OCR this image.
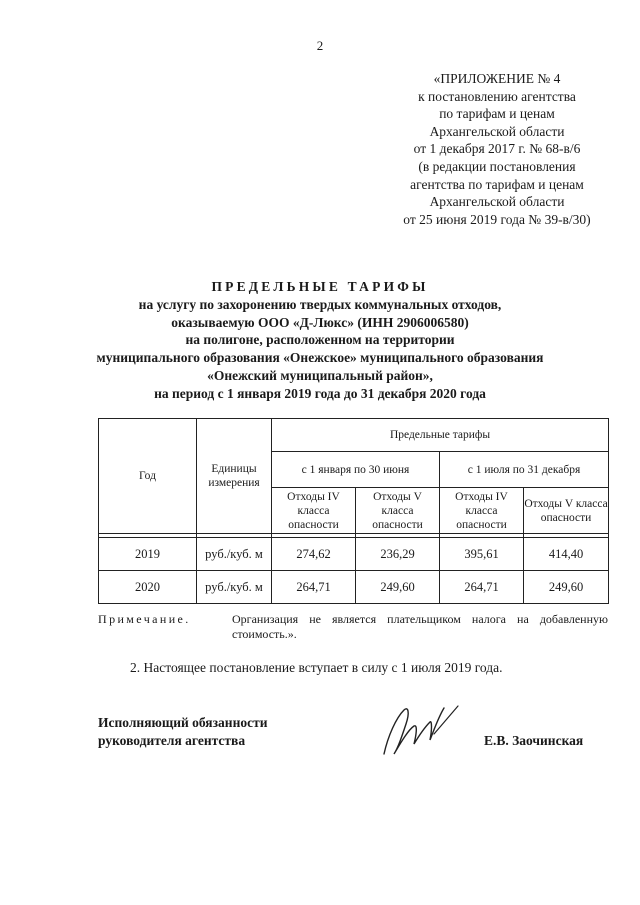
2
«ПРИЛОЖЕНИЕ № 4
к постановлению агентства
по тарифам и ценам
Архангельской области
от 1 декабря 2017 г. № 68-в/6
(в редакции постановления
агентства по тарифам и ценам
Архангельской области
от 25 июня 2019 года № 39-в/30)
ПРЕДЕЛЬНЫЕ ТАРИФЫ
на услугу по захоронению твердых коммунальных отходов,
оказываемую ООО «Д-Люкс» (ИНН 2906006580)
на полигоне, расположенном на территории
муниципального образования «Онежское» муниципального образования
«Онежский муниципальный район»,
на период с 1 января 2019 года до 31 декабря 2020 года
Год	Единицы измерения	Предельные тарифы			
		с 1 января по 30 июня		с 1 июля по 31 декабря	
		Отходы IV класса опасности	Отходы V класса опасности	Отходы IV класса опасности	Отходы V класса опасности

2019	руб./куб. м	274,62	236,29	395,61	414,40
2020	руб./куб. м	264,71	249,60	264,71	249,60
Примечание.	Организация не является плательщиком налога на добавленную стоимость.».
2. Настоящее постановление вступает в силу с 1 июля 2019 года.
Исполняющий обязанности
руководителя агентства	Е.В. Заочинская
